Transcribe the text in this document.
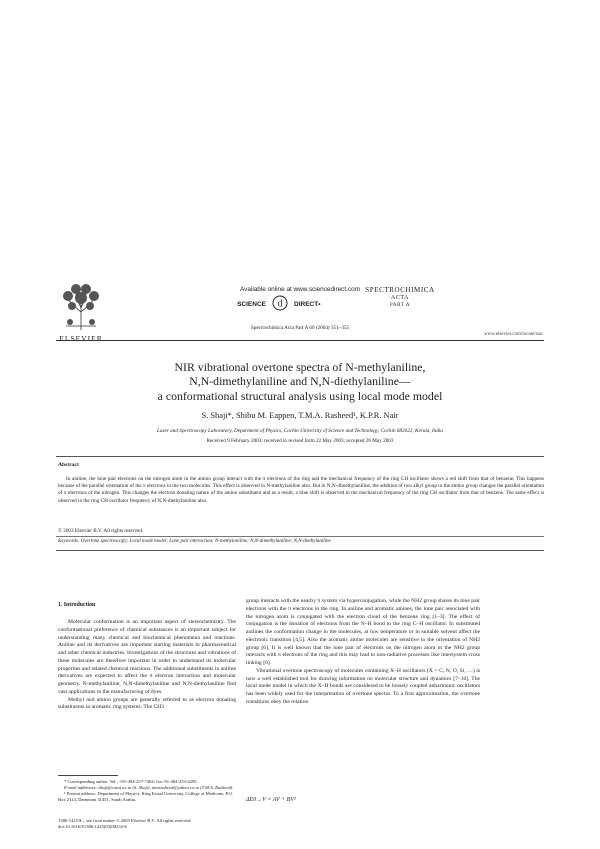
ELSEVIER
Available online at www.sciencedirect.com
SCIENCE d DIRECT•
Spectrochimica Acta Part A 60 (2004) 351–355
SPECTROCHIMICA
ACTA
PART A
www.elsevier.com/locate/saa
NIR vibrational overtone spectra of N-methylaniline,
N,N-dimethylaniline and N,N-diethylaniline—
a conformational structural analysis using local mode model
S. Shaji*, Shibu M. Eappen, T.M.A. Rasheed¹, K.P.R. Nair
Laser and Spectroscopy Laboratory, Department of Physics, Cochin University of Science and Technology, Cochin 682022, Kerala, India
Received 9 February 2003; received in revised form 22 May 2003; accepted 26 May 2003
Abstract
In aniline, the lone pair electrons on the nitrogen atom in the amino group interact with the π electrons of the ring and the mechanical frequency of the ring CH oscillator shows a red shift from that of benzene. This happens because of the parallel orientation of the π electrons in the two molecules. This effect is observed in N-methylaniline also. But in N,N-dimethylaniline, the addition of two alkyl group to the amino group changes the parallel orientation of π electrons of the nitrogen. This changes the electron donating nature of the amino substituent and as a result, a blue shift is observed in the mechanical frequency of the ring CH oscillator from that of benzene. The same effect is observed in the ring CH oscillator frequency of N,N-diethylaniline also.
© 2003 Elsevier B.V. All rights reserved.
Keywords: Overtone spectroscopy; Local mode model; Lone pair interaction; N-methylaniline; N,N-dimethylaniline; N,N-diethylaniline
1. Introduction

Molecular conformation is an important aspect of stereochemistry. The conformational preference of chemical substances is an important subject for understanding many chemical and biochemical phenomena and reactions. Aniline and its derivatives are important starting materials in pharmaceutical and other chemical industries. Investigations of the structures and vibrations of these molecules are therefore important in order to understand its molecular properties and related chemical reactions. The additional substituents in aniline derivatives are expected to affect the π electron interaction and molecular geometry. N-methylaniline, N,N-dimethylaniline and N,N-diethylaniline find vast applications in the manufacturing of dyes.

Methyl and amino groups are generally referred to as electron donating substituents in aromatic ring systems. The CH3

group interacts with the nearby π system via hyperconjugation, while the NH2 group shares its lone pair electrons with the π electrons in the ring. In aniline and aromatic amines, the lone pair associated with the nitrogen atom is conjugated with the electron cloud of the benzene ring [1–3]. The effect of conjugation is the donation of electrons from the N–H bond to the ring C–H oscillator. In substituted anilines the conformation change in the molecules, at low temperature or in suitable solvent affect the electronic transition [4,5]. Also the aromatic amine molecules are sensitive to the orientation of NH2 group [6]. It is well known that the lone pair of electrons on the nitrogen atom in the NH2 group interacts with π electrons of the ring and this may lead to non-radiative processes like intersystem cross linking [6].

Vibrational overtone spectroscopy of molecules containing X–H oscillators (X = C, N, O, Si, …) is now a well established tool for drawing information on molecular structure and dynamics [7–10]. The local mode model in which the X–H bonds are considered to be loosely coupled anharmonic oscillators has been widely used for the interpretation of overtone spectra. To a first approximation, the overtone transitions obey the relation

ΔE0→V = AV + BV²

* Corresponding author. Tel.: +91-484-257-7404; fax: 91-484-253-4295.

E-mail addresses: shaji@cusat.ac.in (S. Shaji), tmarasheed@yahoo.co.in (T.M.A. Rasheed).

¹ Present address: Department of Physics, King Faisal University, College of Medicine, P.O. Box 2114, Dammam 31451, Saudi Arabia.

1386-1425/$ – see front matter © 2003 Elsevier B.V. All rights reserved.
doi:10.1016/S1386-1425(03)00233-6
